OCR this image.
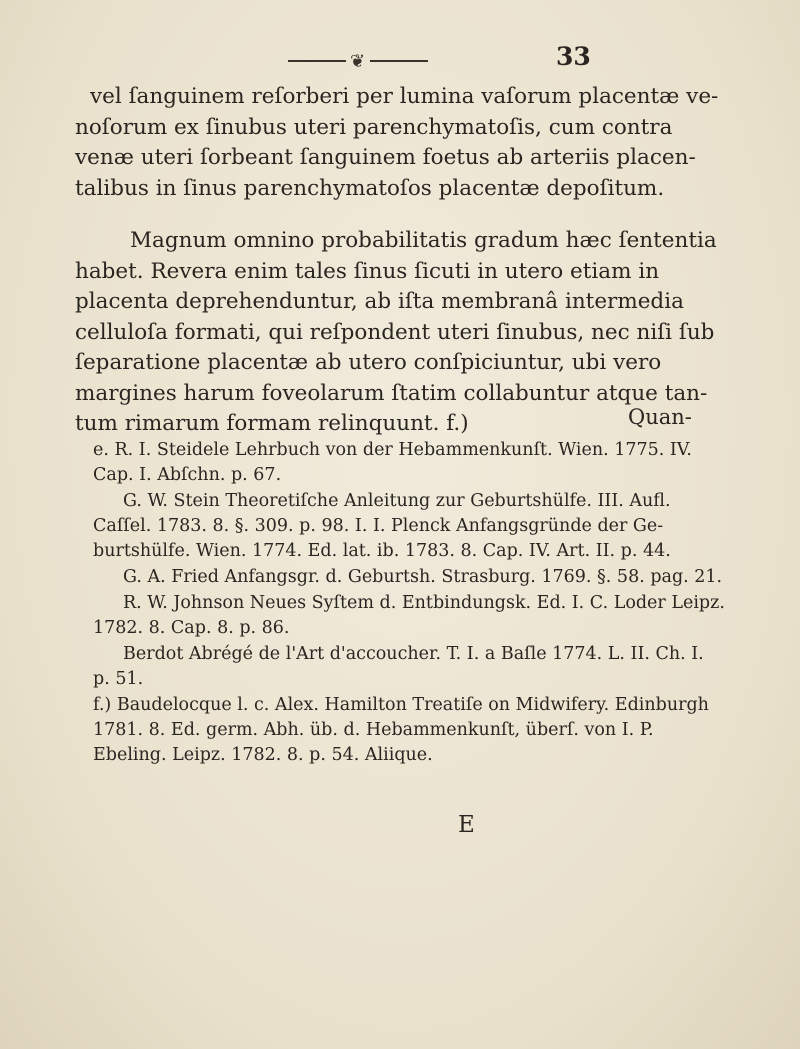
❦	33

vel ſanguinem reſorberi per lumina vaſorum placentæ ve-noſorum ex ſinubus uteri parenchymatoſis, cum contra venæ uteri ſorbeant ſanguinem foetus ab arteriis placen-talibus in ſinus parenchymatoſos placentæ depoſitum.

Magnum omnino probabilitatis gradum hæc ſententia habet. Revera enim tales ſinus ſicuti in utero etiam in placenta deprehenduntur, ab iſta membranâ intermedia celluloſa formati, qui reſpondent uteri ſinubus, nec niſi ſub ſeparatione placentæ ab utero conſpiciuntur, ubi vero margines harum foveolarum ſtatim collabuntur atque tan-tum rimarum formam relinquunt. f.)	Quan-

e. R. I. Steidele Lehrbuch von der Hebammenkunſt. Wien. 1775. IV. Cap. I. Abſchn. p. 67.

G. W. Stein Theoretiſche Anleitung zur Geburtshülfe. III. Aufl. Caſſel. 1783. 8. §. 309. p. 98. I. I. Plenck Anfangsgründe der Ge-burtshülfe. Wien. 1774. Ed. lat. ib. 1783. 8. Cap. IV. Art. II. p. 44.

G. A. Fried Anfangsgr. d. Geburtsh. Strasburg. 1769. §. 58. pag. 21.

R. W. Johnson Neues Syſtem d. Entbindungsk. Ed. I. C. Loder Leipz. 1782. 8. Cap. 8. p. 86.

Berdot Abrégé de l'Art d'accoucher. T. I. a Baſle 1774. L. II. Ch. I. p. 51.

f.) Baudelocque l. c. Alex. Hamilton Treatiſe on Midwifery. Edinburgh 1781. 8. Ed. germ. Abh. üb. d. Hebammenkunſt, überſ. von I. P. Ebeling. Leipz. 1782. 8. p. 54. Aliique.

E
